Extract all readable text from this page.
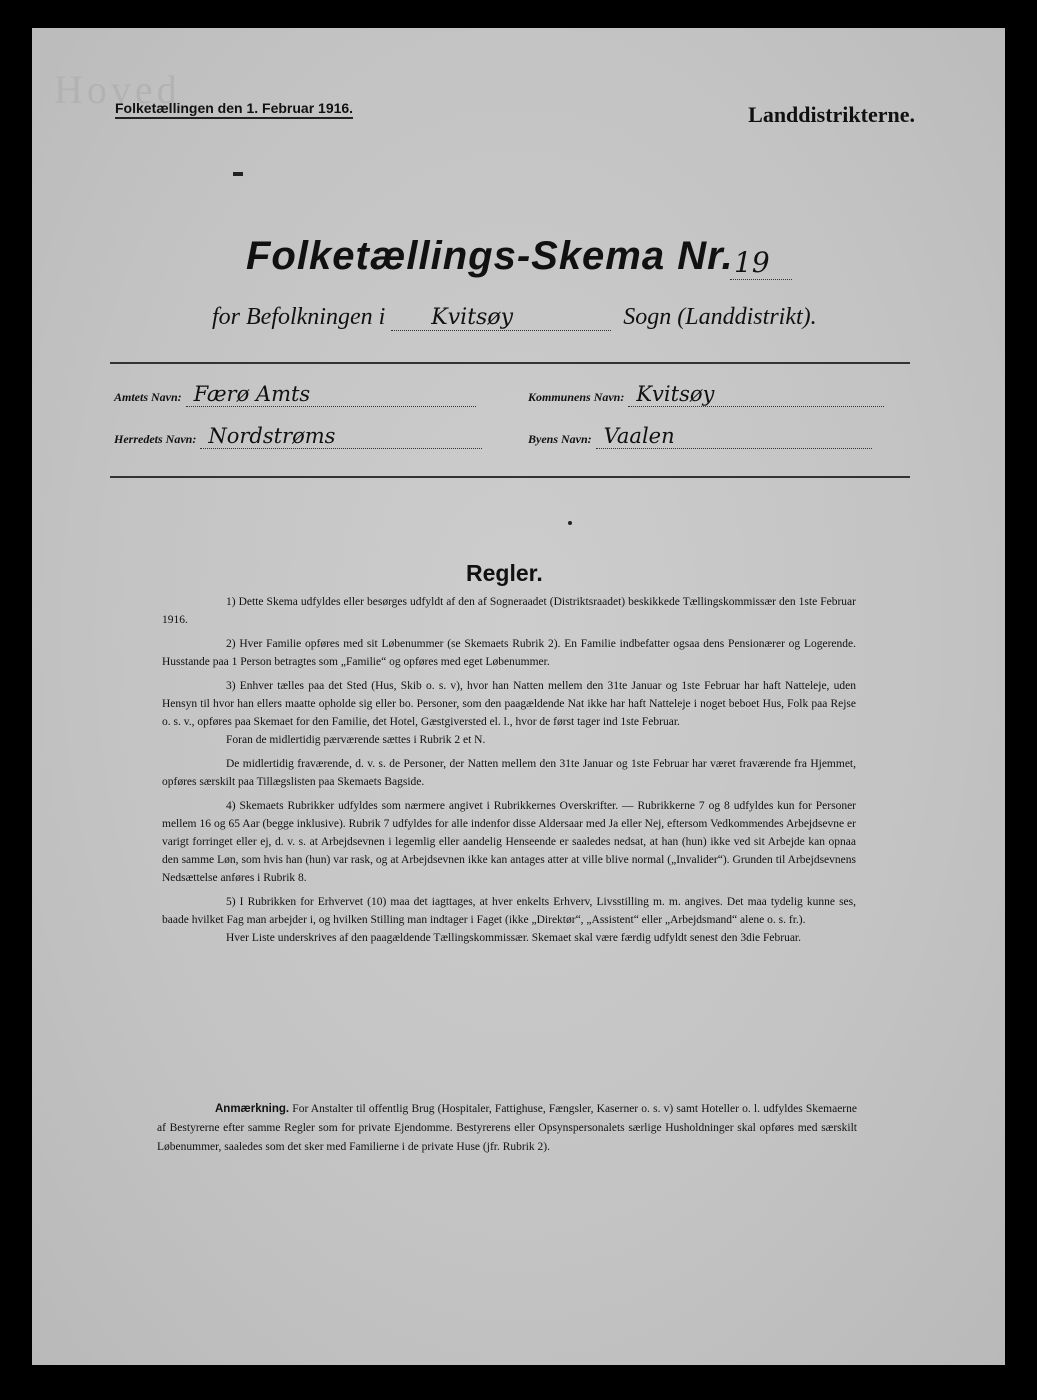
Hoved
Folketællingen den 1. Februar 1916.	Landdistrikterne.
Folketællings-Skema Nr. 19
for Befolkningen i Kvitsøy	Sogn (Landdistrikt).
Amtets Navn: Færø Amts	Kommunens Navn: Kvitsøy
Herredets Navn: Nordstrøms	Byens Navn: Vaalen
Regler.

1) Dette Skema udfyldes eller besørges udfyldt af den af Sogneraadet (Distriktsraadet) beskikkede Tællingskommissær den 1ste Februar 1916.

2) Hver Familie opføres med sit Løbenummer (se Skemaets Rubrik 2). En Familie indbefatter ogsaa dens Pensionærer og Logerende. Husstande paa 1 Person betragtes som „Familie“ og opføres med eget Løbenummer.

3) Enhver tælles paa det Sted (Hus, Skib o. s. v), hvor han Natten mellem den 31te Januar og 1ste Februar har haft Natteleje, uden Hensyn til hvor han ellers maatte opholde sig eller bo. Personer, som den paagældende Nat ikke har haft Natteleje i noget beboet Hus, Folk paa Rejse o. s. v., opføres paa Skemaet for den Familie, det Hotel, Gæstgiversted el. l., hvor de først tager ind 1ste Februar.

Foran de midlertidig pærværende sættes i Rubrik 2 et N.

De midlertidig fraværende, d. v. s. de Personer, der Natten mellem den 31te Januar og 1ste Februar har været fraværende fra Hjemmet, opføres særskilt paa Tillægslisten paa Skemaets Bagside.

4) Skemaets Rubrikker udfyldes som nærmere angivet i Rubrikkernes Overskrifter. — Rubrikkerne 7 og 8 udfyldes kun for Personer mellem 16 og 65 Aar (begge inklusive). Rubrik 7 udfyldes for alle indenfor disse Aldersaar med Ja eller Nej, eftersom Vedkommendes Arbejdsevne er varigt forringet eller ej, d. v. s. at Arbejdsevnen i legemlig eller aandelig Henseende er saaledes nedsat, at han (hun) ikke ved sit Arbejde kan opnaa den samme Løn, som hvis han (hun) var rask, og at Arbejdsevnen ikke kan antages atter at ville blive normal („Invalider“). Grunden til Arbejdsevnens Nedsættelse anføres i Rubrik 8.

5) I Rubrikken for Erhvervet (10) maa det iagttages, at hver enkelts Erhverv, Livsstilling m. m. angives. Det maa tydelig kunne ses, baade hvilket Fag man arbejder i, og hvilken Stilling man indtager i Faget (ikke „Direktør“, „Assistent“ eller „Arbejdsmand“ alene o. s. fr.).

Hver Liste underskrives af den paagældende Tællingskommissær. Skemaet skal være færdig udfyldt senest den 3die Februar.

Anmærkning. For Anstalter til offentlig Brug (Hospitaler, Fattighuse, Fængsler, Kaserner o. s. v) samt Hoteller o. l. udfyldes Skemaerne af Bestyrerne efter samme Regler som for private Ejendomme. Bestyrerens eller Opsynspersonalets særlige Husholdninger skal opføres med særskilt Løbenummer, saaledes som det sker med Familierne i de private Huse (jfr. Rubrik 2).
